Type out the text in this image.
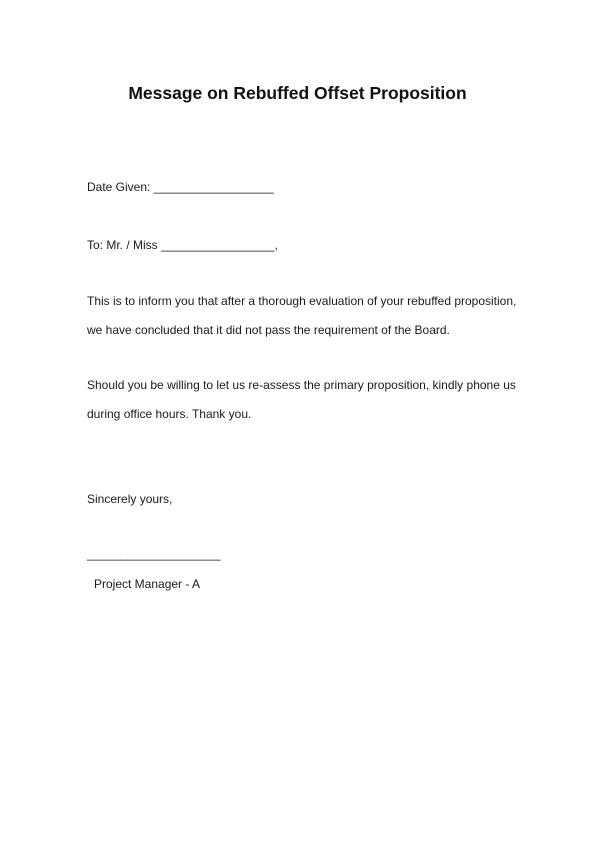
Message on Rebuffed Offset Proposition
Date Given: __________________
To: Mr. / Miss _________________,
This is to inform you that after a thorough evaluation of your rebuffed proposition,
we have concluded that it did not pass the requirement of the Board.
Should you be willing to let us re-assess the primary proposition, kindly phone us
during office hours. Thank you.
Sincerely yours,
____________________
Project Manager - A
